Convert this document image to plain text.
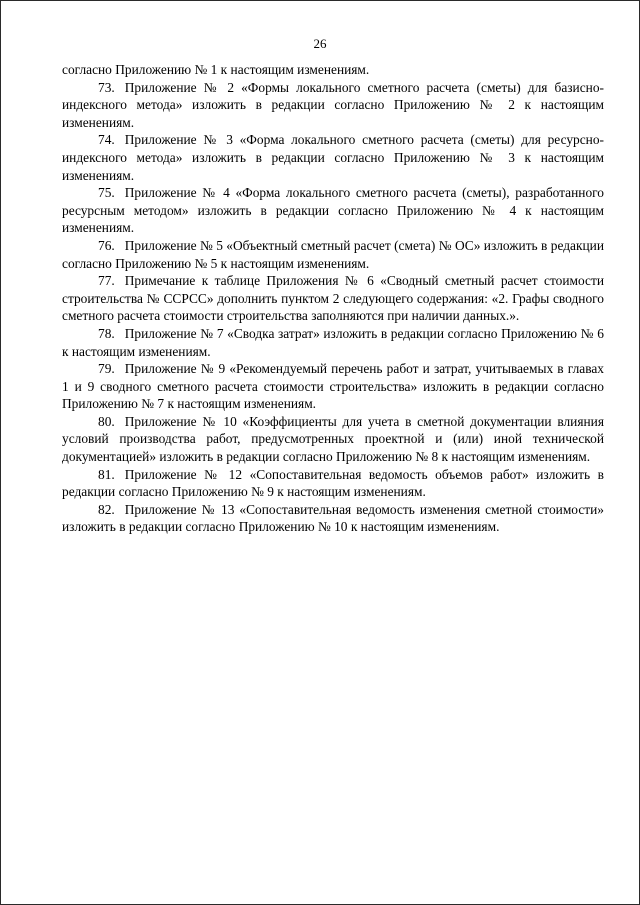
26

согласно Приложению № 1 к настоящим изменениям.

73. Приложение № 2 «Формы локального сметного расчета (сметы) для базисно-индексного метода» изложить в редакции согласно Приложению № 2 к настоящим изменениям.

74. Приложение № 3 «Форма локального сметного расчета (сметы) для ресурсно-индексного метода» изложить в редакции согласно Приложению № 3 к настоящим изменениям.

75. Приложение № 4 «Форма локального сметного расчета (сметы), разработанного ресурсным методом» изложить в редакции согласно Приложению № 4 к настоящим изменениям.

76. Приложение № 5 «Объектный сметный расчет (смета) № ОС» изложить в редакции согласно Приложению № 5 к настоящим изменениям.

77. Примечание к таблице Приложения № 6 «Сводный сметный расчет стоимости строительства № ССРСС» дополнить пунктом 2 следующего содержания: «2. Графы сводного сметного расчета стоимости строительства заполняются при наличии данных.».

78. Приложение № 7 «Сводка затрат» изложить в редакции согласно Приложению № 6 к настоящим изменениям.

79. Приложение № 9 «Рекомендуемый перечень работ и затрат, учитываемых в главах 1 и 9 сводного сметного расчета стоимости строительства» изложить в редакции согласно Приложению № 7 к настоящим изменениям.

80. Приложение № 10 «Коэффициенты для учета в сметной документации влияния условий производства работ, предусмотренных проектной и (или) иной технической документацией» изложить в редакции согласно Приложению № 8 к настоящим изменениям.

81. Приложение № 12 «Сопоставительная ведомость объемов работ» изложить в редакции согласно Приложению № 9 к настоящим изменениям.

82. Приложение № 13 «Сопоставительная ведомость изменения сметной стоимости» изложить в редакции согласно Приложению № 10 к настоящим изменениям.
